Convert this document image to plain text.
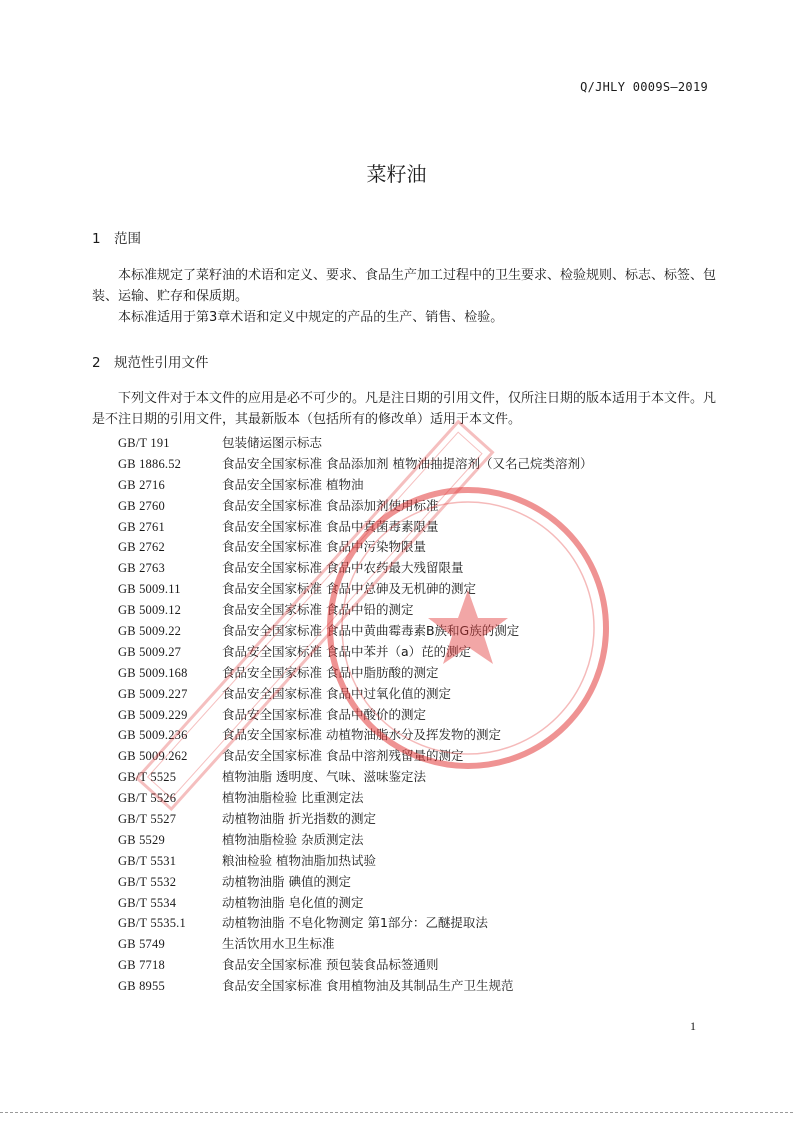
Q/JHLY 0009S—2019
菜籽油
1 范围
本标准规定了菜籽油的术语和定义、要求、食品生产加工过程中的卫生要求、检验规则、标志、标签、包装、运输、贮存和保质期。
本标准适用于第3章术语和定义中规定的产品的生产、销售、检验。
2 规范性引用文件
下列文件对于本文件的应用是必不可少的。凡是注日期的引用文件，仅所注日期的版本适用于本文件。凡是不注日期的引用文件，其最新版本（包括所有的修改单）适用于本文件。
GB/T 191	包装储运图示标志
GB 1886.52	食品安全国家标准 食品添加剂 植物油抽提溶剂（又名己烷类溶剂）
GB 2716	食品安全国家标准 植物油
GB 2760	食品安全国家标准 食品添加剂使用标准
GB 2761	食品安全国家标准 食品中真菌毒素限量
GB 2762	食品安全国家标准 食品中污染物限量
GB 2763	食品安全国家标准 食品中农药最大残留限量
GB 5009.11	食品安全国家标准 食品中总砷及无机砷的测定
GB 5009.12	食品安全国家标准 食品中铅的测定
GB 5009.22	食品安全国家标准 食品中黄曲霉毒素B族和G族的测定
GB 5009.27	食品安全国家标准 食品中苯并（a）芘的测定
GB 5009.168	食品安全国家标准 食品中脂肪酸的测定
GB 5009.227	食品安全国家标准 食品中过氧化值的测定
GB 5009.229	食品安全国家标准 食品中酸价的测定
GB 5009.236	食品安全国家标准 动植物油脂水分及挥发物的测定
GB 5009.262	食品安全国家标准 食品中溶剂残留量的测定
GB/T 5525	植物油脂 透明度、气味、滋味鉴定法
GB/T 5526	植物油脂检验 比重测定法
GB/T 5527	动植物油脂 折光指数的测定
GB 5529	植物油脂检验 杂质测定法
GB/T 5531	粮油检验 植物油脂加热试验
GB/T 5532	动植物油脂 碘值的测定
GB/T 5534	动植物油脂 皂化值的测定
GB/T 5535.1	动植物油脂 不皂化物测定 第1部分：乙醚提取法
GB 5749	生活饮用水卫生标准
GB 7718	食品安全国家标准 预包装食品标签通则
GB 8955	食品安全国家标准 食用植物油及其制品生产卫生规范
1
